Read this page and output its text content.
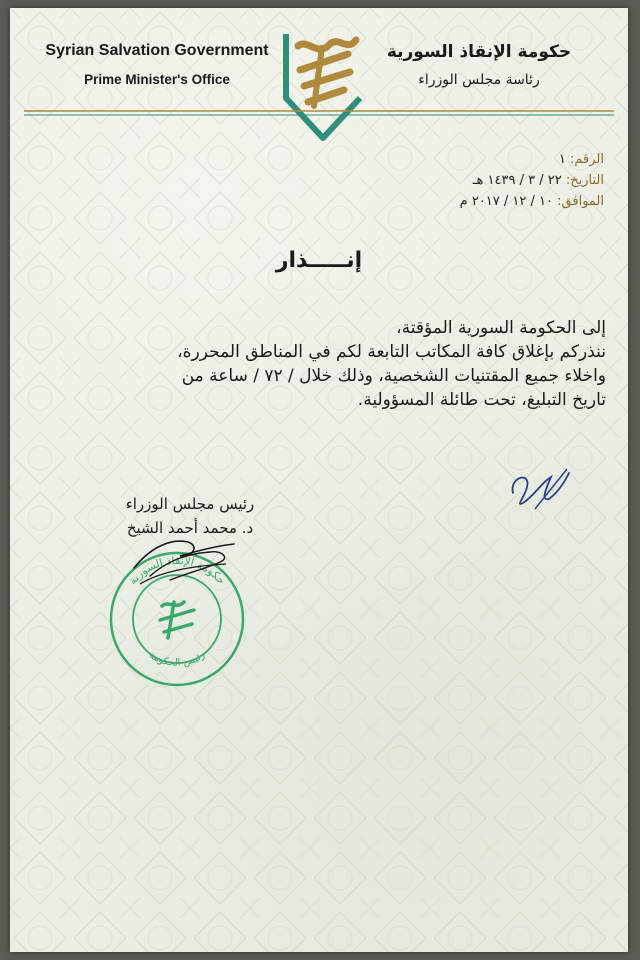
Syrian Salvation Government
Prime Minister's Office
حكومة الإنقاذ السورية
رئاسة مجلس الوزراء
الرقم: ١
التاريخ: ٢٢ / ٣ / ١٤٣٩ هـ
الموافق: ١٠ / ١٢ / ٢٠١٧ م
إنـــــذار
إلى الحكومة السورية المؤقتة،
ننذركم بإغلاق كافة المكاتب التابعة لكم في المناطق المحررة،
واخلاء جميع المقتنيات الشخصية، وذلك خلال / ٧٢ / ساعة من
تاريخ التبليغ، تحت طائلة المسؤولية.
رئيس مجلس الوزراء
د. محمد أحمد الشيخ
حكومة الإنقاذ السورية
رئيس الحكومة
